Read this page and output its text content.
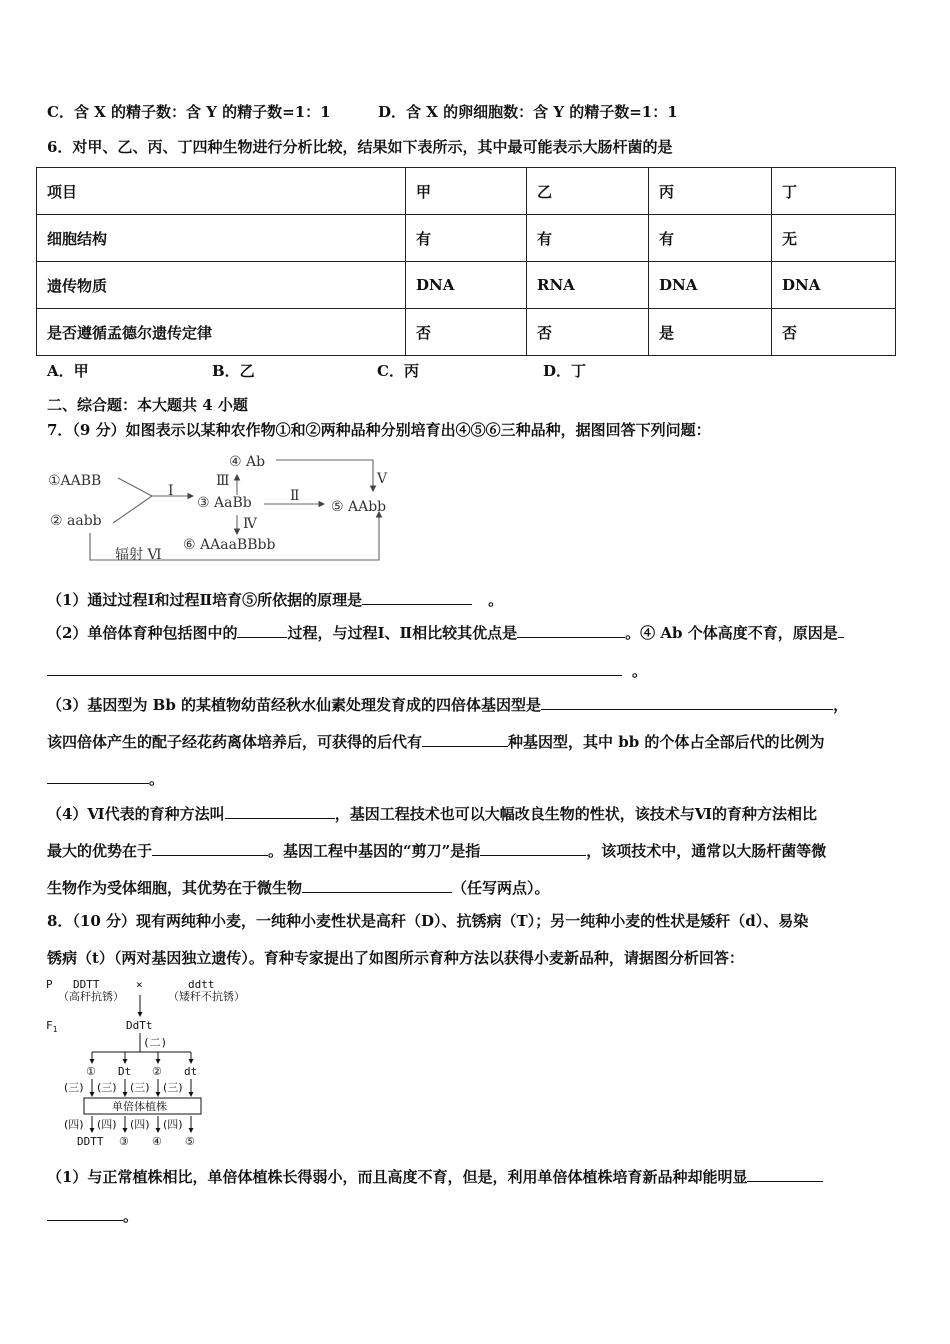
C．含 X 的精子数：含 Y 的精子数=1：1	D．含 X 的卵细胞数：含 Y 的精子数=1：1
6．对甲、乙、丙、丁四种生物进行分析比较，结果如下表所示，其中最可能表示大肠杆菌的是
项目	甲	乙	丙	丁
细胞结构	有	有	有	无
遗传物质	DNA	RNA	DNA	DNA
是否遵循孟德尔遗传定律	否	否	是	否
A．甲	B．乙	C．丙	D．丁
二、综合题：本大题共 4 小题
7．（9 分）如图表示以某种农作物①和②两种品种分别培育出④⑤⑥三种品种，据图回答下列问题：
①AABB
② aabb
③ AaBb
④ Ab
⑤ AAbb
⑥ AAaaBBbb
Ⅰ	Ⅱ
Ⅲ
Ⅳ
Ⅴ
辐射 Ⅵ
（1）通过过程Ⅰ和过程Ⅱ培育⑤所依据的原理是	。
（2）单倍体育种包括图中的	过程，与过程Ⅰ、Ⅱ相比较其优点是	。④ Ab 个体高度不育，原因是
。
（3）基因型为 Bb 的某植物幼苗经秋水仙素处理发育成的四倍体基因型是	，
该四倍体产生的配子经花药离体培养后，可获得的后代有	种基因型，其中 bb 的个体占全部后代的比例为
。
（4）Ⅵ代表的育种方法叫	，基因工程技术也可以大幅改良生物的性状，该技术与Ⅵ的育种方法相比
最大的优势在于	。基因工程中基因的“剪刀”是指	，该项技术中，通常以大肠杆菌等微
生物作为受体细胞，其优势在于微生物	（任写两点）。
8．（10 分）现有两纯种小麦，一纯种小麦性状是高秆（D）、抗锈病（T）；另一纯种小麦的性状是矮秆（d）、易染
锈病（t）（两对基因独立遗传）。育种专家提出了如图所示育种方法以获得小麦新品种，请据图分析回答：
P DDTT
（高秆抗锈）
×	ddtt
（矮秆不抗锈）
$F_1$	DdTt
(二)
① Dt ② dt
(三) (三) (三) (三)
单倍体植株
(四) (四) (四) (四)
DDTT ③ ④ ⑤
（1）与正常植株相比，单倍体植株长得弱小，而且高度不育，但是，利用单倍体植株培育新品种却能明显
。
